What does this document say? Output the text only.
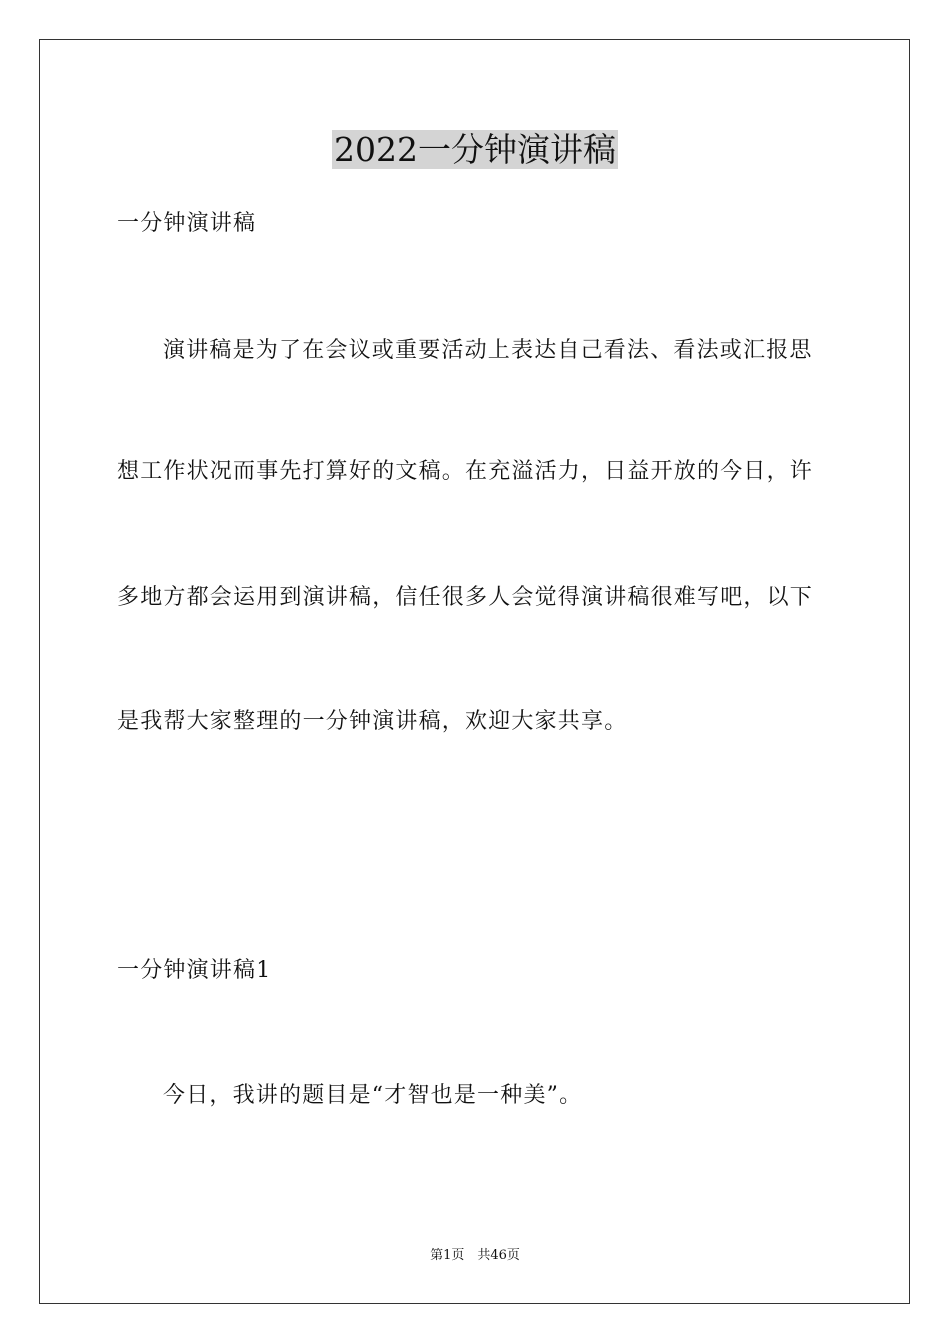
2022一分钟演讲稿
一分钟演讲稿
演讲稿是为了在会议或重要活动上表达自己看法、看法或汇报思
想工作状况而事先打算好的文稿。在充溢活力，日益开放的今日，许
多地方都会运用到演讲稿，信任很多人会觉得演讲稿很难写吧，以下
是我帮大家整理的一分钟演讲稿，欢迎大家共享。
一分钟演讲稿1
今日，我讲的题目是“才智也是一种美”。
第1页　共46页
